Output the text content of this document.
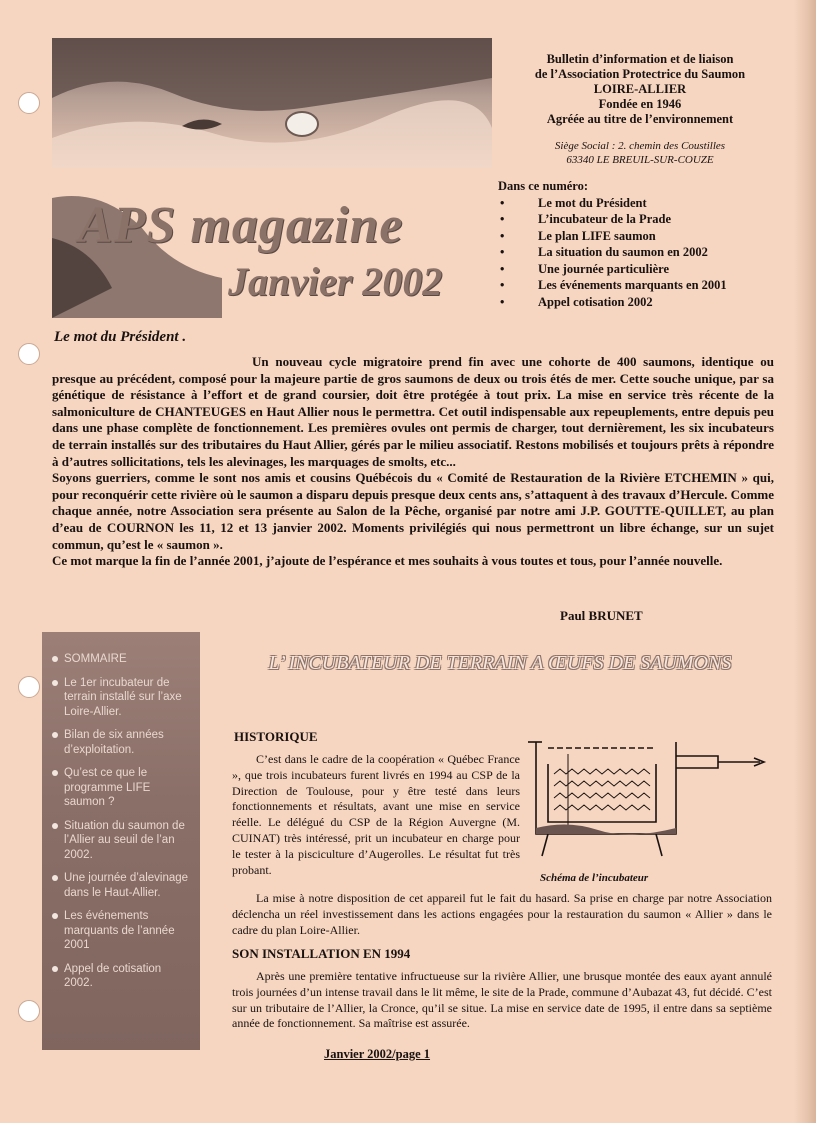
APS magazine
Janvier 2002
Bulletin d’information et de liaison
de l’Association Protectrice du Saumon
LOIRE-ALLIER
Fondée en 1946
Agréée au titre de l’environnement
Siège Social : 2. chemin des Coustilles
63340 LE BREUIL-SUR-COUZE
Dans ce numéro:
• Le mot du Président
• L’incubateur de la Prade
• Le plan LIFE saumon
• La situation du saumon en 2002
• Une journée particulière
• Les événements marquants en 2001
• Appel cotisation 2002
Le mot du Président .

Un nouveau cycle migratoire prend fin avec une cohorte de 400 saumons, identique ou presque au précédent, composé pour la majeure partie de gros saumons de deux ou trois étés de mer. Cette souche unique, par sa génétique de résistance à l’effort et de grand coursier, doit être protégée à tout prix. La mise en service très récente de la salmoniculture de CHANTEUGES en Haut Allier nous le permettra. Cet outil indispensable aux repeuplements, entre depuis peu dans une phase complète de fonctionnement. Les premières ovules ont permis de charger, tout dernièrement, les six incubateurs de terrain installés sur des tributaires du Haut Allier, gérés par le milieu associatif. Restons mobilisés et toujours prêts à répondre à d’autres sollicitations, tels les alevinages, les marquages de smolts, etc...

Soyons guerriers, comme le sont nos amis et cousins Québécois du « Comité de Restauration de la Rivière ETCHEMIN » qui, pour reconquérir cette rivière où le saumon a disparu depuis presque deux cents ans, s’attaquent à des travaux d’Hercule. Comme chaque année, notre Association sera présente au Salon de la Pêche, organisé par notre ami J.P. GOUTTE-QUILLET, au plan d’eau de COURNON les 11, 12 et 13 janvier 2002. Moments privilégiés qui nous permettront un libre échange, sur un sujet commun, qu’est le « saumon ».

Ce mot marque la fin de l’année 2001, j’ajoute de l’espérance et mes souhaits à vous toutes et tous, pour l’année nouvelle.

Paul BRUNET
SOMMAIRE
Le 1er incubateur de terrain installé sur l’axe Loire-Allier.
Bilan de six années d’exploitation.
Qu’est ce que le programme LIFE saumon ?
Situation du saumon de l’Allier au seuil de l’an 2002.
Une journée d’alevinage dans le Haut-Allier.
Les événements marquants de l’année 2001
Appel de cotisation 2002.
L’ INCUBATEUR DE TERRAIN A ŒUFS DE SAUMONS
HISTORIQUE

C’est dans le cadre de la coopération « Québec France », que trois incubateurs furent livrés en 1994 au CSP de la Direction de Toulouse, pour y être testé dans leurs fonctionnements et résultats, avant une mise en service réelle. Le délégué du CSP de la Région Auvergne (M. CUINAT) très intéressé, prit un incubateur en charge pour le tester à la pisciculture d’Augerolles. Le résultat fut très probant.

Schéma de l’incubateur

La mise à notre disposition de cet appareil fut le fait du hasard. Sa prise en charge par notre Association déclencha un réel investissement dans les actions engagées pour la restauration du saumon « Allier » dans le cadre du plan Loire-Allier.

SON INSTALLATION EN 1994

Après une première tentative infructueuse sur la rivière Allier, une brusque montée des eaux ayant annulé trois journées d’un intense travail dans le lit même, le site de la Prade, commune d’Aubazat 43, fut décidé. C’est sur un tributaire de l’Allier, la Cronce, qu’il se situe. La mise en service date de 1995, il entre dans sa septième année de fonctionnement. Sa maîtrise est assurée.

Janvier 2002/page 1
